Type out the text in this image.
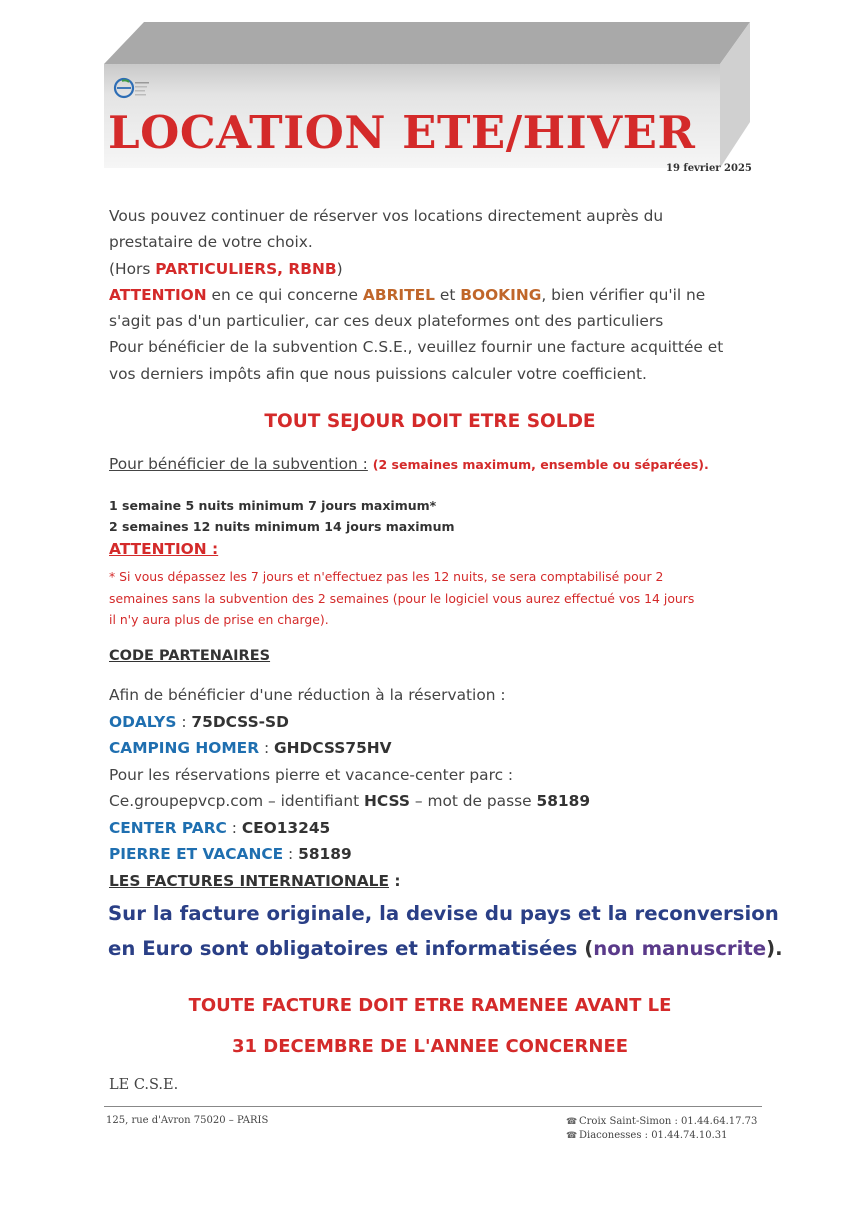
LOCATION ETE/HIVER
19 fevrier 2025

Vous pouvez continuer de réserver vos locations directement auprès du

prestataire de votre choix.

(Hors PARTICULIERS, RBNB)

ATTENTION en ce qui concerne ABRITEL et BOOKING, bien vérifier qu'il ne

s'agit pas d'un particulier, car ces deux plateformes ont des particuliers

Pour bénéficier de la subvention C.S.E., veuillez fournir une facture acquittée et

vos derniers impôts afin que nous puissions calculer votre coefficient.

TOUT SEJOUR DOIT ETRE SOLDE
Pour bénéficier de la subvention : (2 semaines maximum, ensemble ou séparées).

1 semaine 5 nuits minimum 7 jours maximum*

2 semaines 12 nuits minimum 14 jours maximum

ATTENTION :

* Si vous dépassez les 7 jours et n'effectuez pas les 12 nuits, se sera comptabilisé pour 2

semaines sans la subvention des 2 semaines (pour le logiciel vous aurez effectué vos 14 jours

il n'y aura plus de prise en charge).

CODE PARTENAIRES

Afin de bénéficier d'une réduction à la réservation :

ODALYS : 75DCSS-SD

CAMPING HOMER : GHDCSS75HV

Pour les réservations pierre et vacance-center parc :

Ce.groupepvcp.com – identifiant HCSS – mot de passe 58189

CENTER PARC : CEO13245

PIERRE ET VACANCE : 58189

LES FACTURES INTERNATIONALE :

Sur la facture originale, la devise du pays et la reconversion

en Euro sont obligatoires et informatisées (non manuscrite).

TOUTE FACTURE DOIT ETRE RAMENEE AVANT LE
31 DECEMBRE DE L'ANNEE CONCERNEE
LE C.S.E.
125, rue d'Avron 75020 – PARIS	☎ Croix Saint-Simon : 01.44.64.17.73

☎ Diaconesses : 01.44.74.10.31
